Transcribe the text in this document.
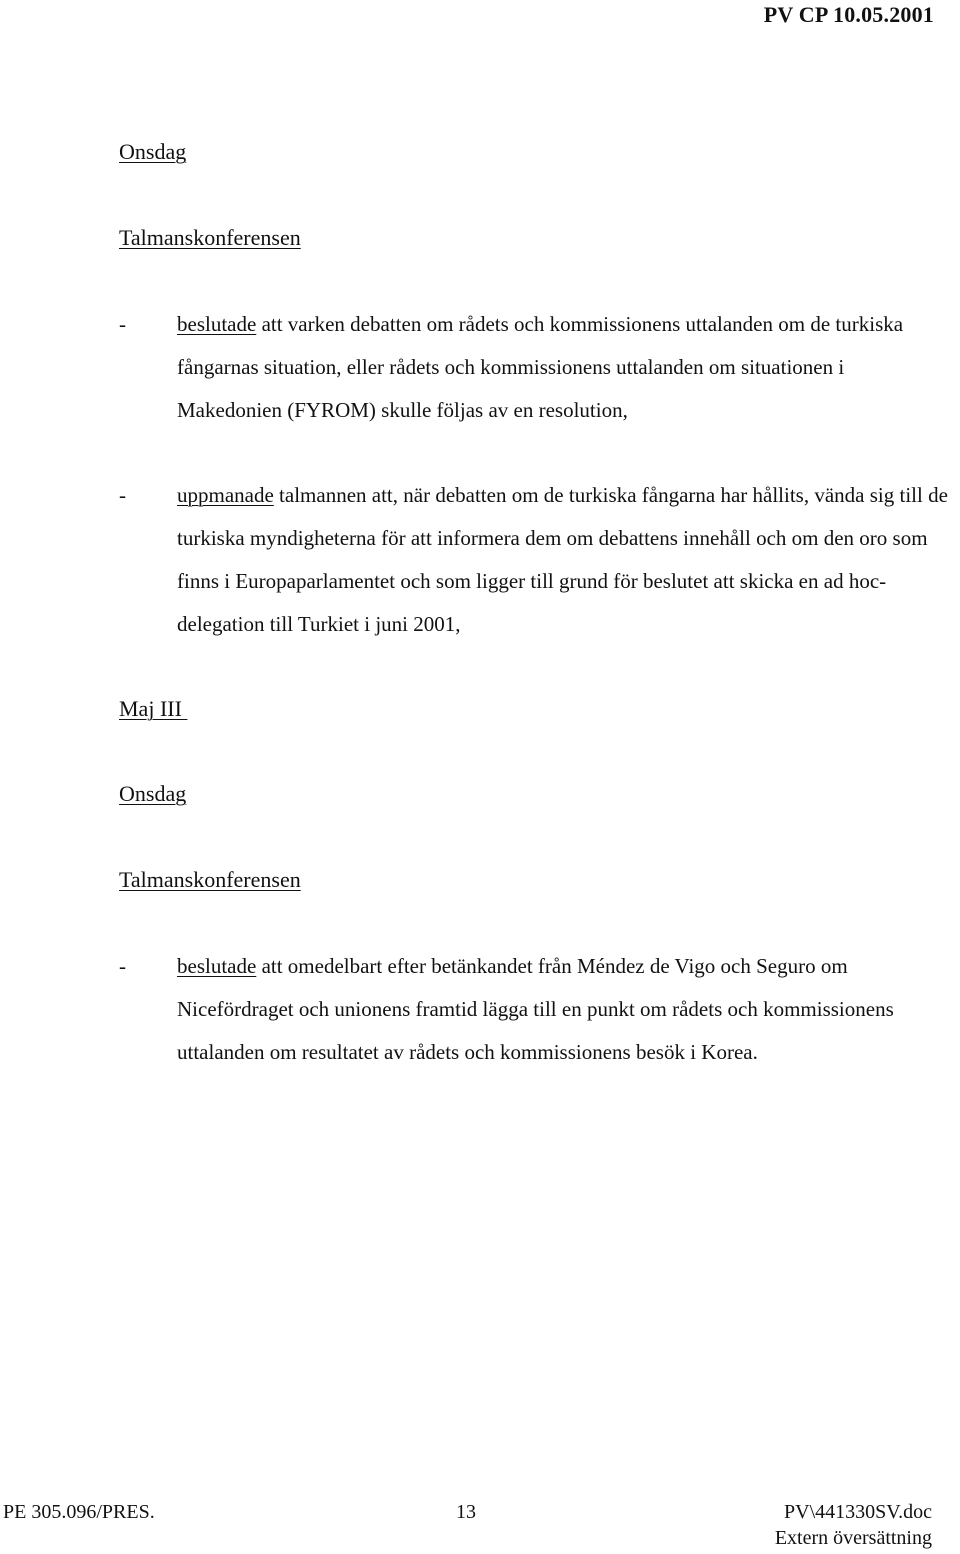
PV CP 10.05.2001
Onsdag
Talmanskonferensen
- beslutade att varken debatten om rådets och kommissionens uttalanden om de turkiska fångarnas situation, eller rådets och kommissionens uttalanden om situationen i Makedonien (FYROM) skulle följas av en resolution,
- uppmanade talmannen att, när debatten om de turkiska fångarna har hållits, vända sig till de turkiska myndigheterna för att informera dem om debattens innehåll och om den oro som finns i Europaparlamentet och som ligger till grund för beslutet att skicka en ad hoc-delegation till Turkiet i juni 2001,
Maj III
Onsdag
Talmanskonferensen
- beslutade att omedelbart efter betänkandet från Méndez de Vigo och Seguro om Nicefördraget och unionens framtid lägga till en punkt om rådets och kommissionens uttalanden om resultatet av rådets och kommissionens besök i Korea.
PE 305.096/PRES.	13	PV\441330SV.doc
Extern översättning
